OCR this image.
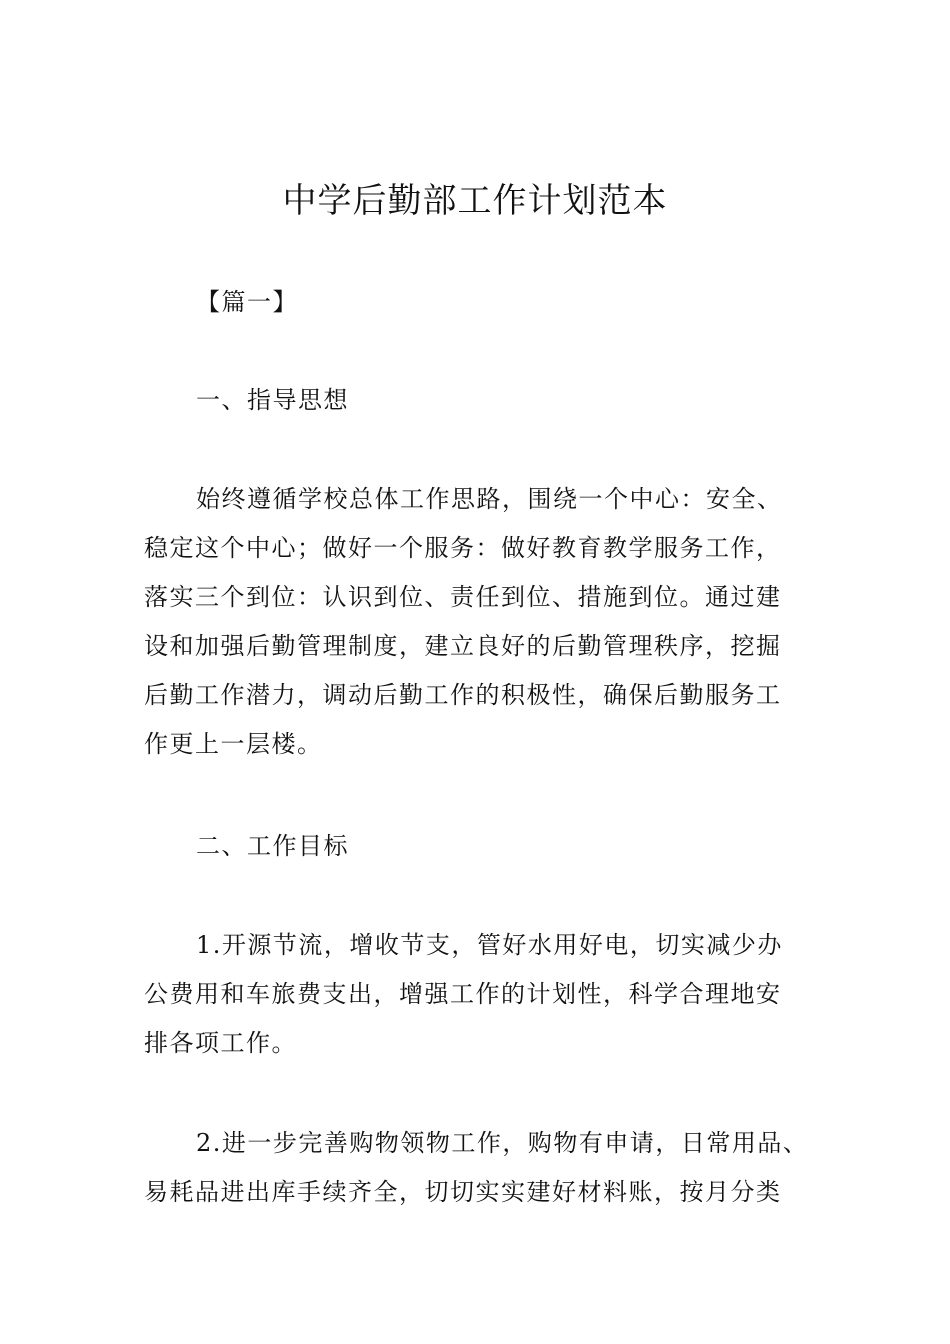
中学后勤部工作计划范本

【篇一】

一、指导思想

始终遵循学校总体工作思路，围绕一个中心：安全、
稳定这个中心；做好一个服务：做好教育教学服务工作，
落实三个到位：认识到位、责任到位、措施到位。通过建
设和加强后勤管理制度，建立良好的后勤管理秩序，挖掘
后勤工作潜力，调动后勤工作的积极性，确保后勤服务工
作更上一层楼。

二、工作目标

1.开源节流，增收节支，管好水用好电，切实减少办
公费用和车旅费支出，增强工作的计划性，科学合理地安
排各项工作。

2.进一步完善购物领物工作，购物有申请，日常用品、
易耗品进出库手续齐全，切切实实建好材料账，按月分类
